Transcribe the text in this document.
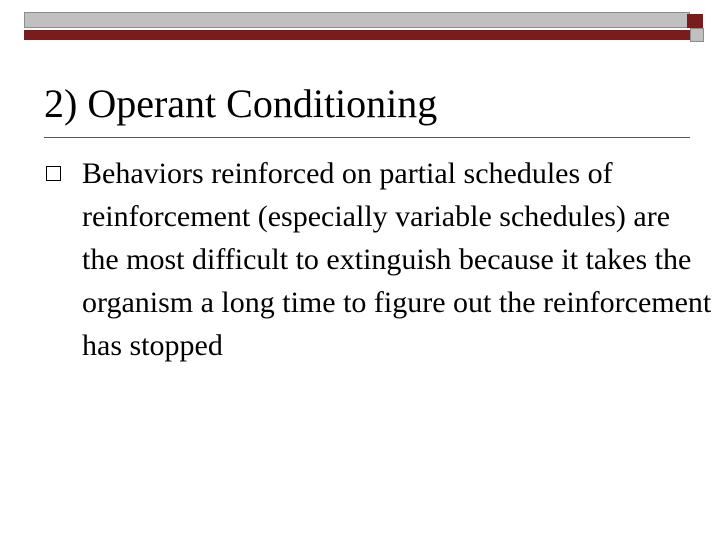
2) Operant Conditioning
Behaviors reinforced on partial schedules of reinforcement (especially variable schedules) are the most difficult to extinguish because it takes the organism a long time to figure out the reinforcement has stopped
